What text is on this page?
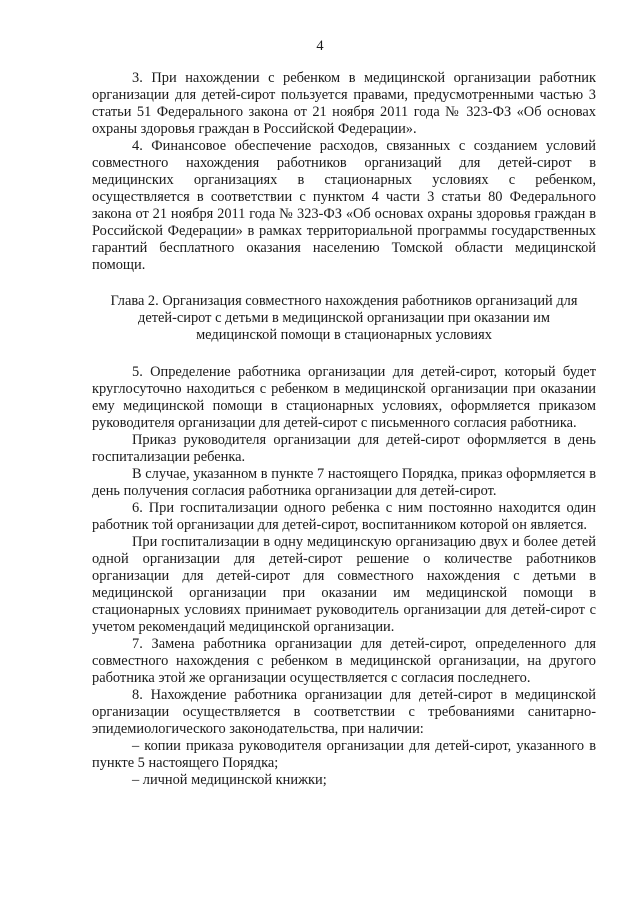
4

3. При нахождении с ребенком в медицинской организации работник организации для детей-сирот пользуется правами, предусмотренными частью 3 статьи 51 Федерального закона от 21 ноября 2011 года № 323-ФЗ «Об основах охраны здоровья граждан в Российской Федерации».

4. Финансовое обеспечение расходов, связанных с созданием условий совместного нахождения работников организаций для детей-сирот в медицинских организациях в стационарных условиях с ребенком, осуществляется в соответствии с пунктом 4 части 3 статьи 80 Федерального закона от 21 ноября 2011 года № 323-ФЗ «Об основах охраны здоровья граждан в Российской Федерации» в рамках территориальной программы государственных гарантий бесплатного оказания населению Томской области медицинской помощи.

Глава 2. Организация совместного нахождения работников организаций для
детей-сирот с детьми в медицинской организации при оказании им
медицинской помощи в стационарных условиях

5. Определение работника организации для детей-сирот, который будет круглосуточно находиться с ребенком в медицинской организации при оказании ему медицинской помощи в стационарных условиях, оформляется приказом руководителя организации для детей-сирот с письменного согласия работника.

Приказ руководителя организации для детей-сирот оформляется в день госпитализации ребенка.

В случае, указанном в пункте 7 настоящего Порядка, приказ оформляется в день получения согласия работника организации для детей-сирот.

6. При госпитализации одного ребенка с ним постоянно находится один работник той организации для детей-сирот, воспитанником которой он является.

При госпитализации в одну медицинскую организацию двух и более детей одной организации для детей-сирот решение о количестве работников организации для детей-сирот для совместного нахождения с детьми в медицинской организации при оказании им медицинской помощи в стационарных условиях принимает руководитель организации для детей-сирот с учетом рекомендаций медицинской организации.

7. Замена работника организации для детей-сирот, определенного для совместного нахождения с ребенком в медицинской организации, на другого работника этой же организации осуществляется с согласия последнего.

8. Нахождение работника организации для детей-сирот в медицинской организации осуществляется в соответствии с требованиями санитарно-эпидемиологического законодательства, при наличии:

– копии приказа руководителя организации для детей-сирот, указанного в пункте 5 настоящего Порядка;

– личной медицинской книжки;
